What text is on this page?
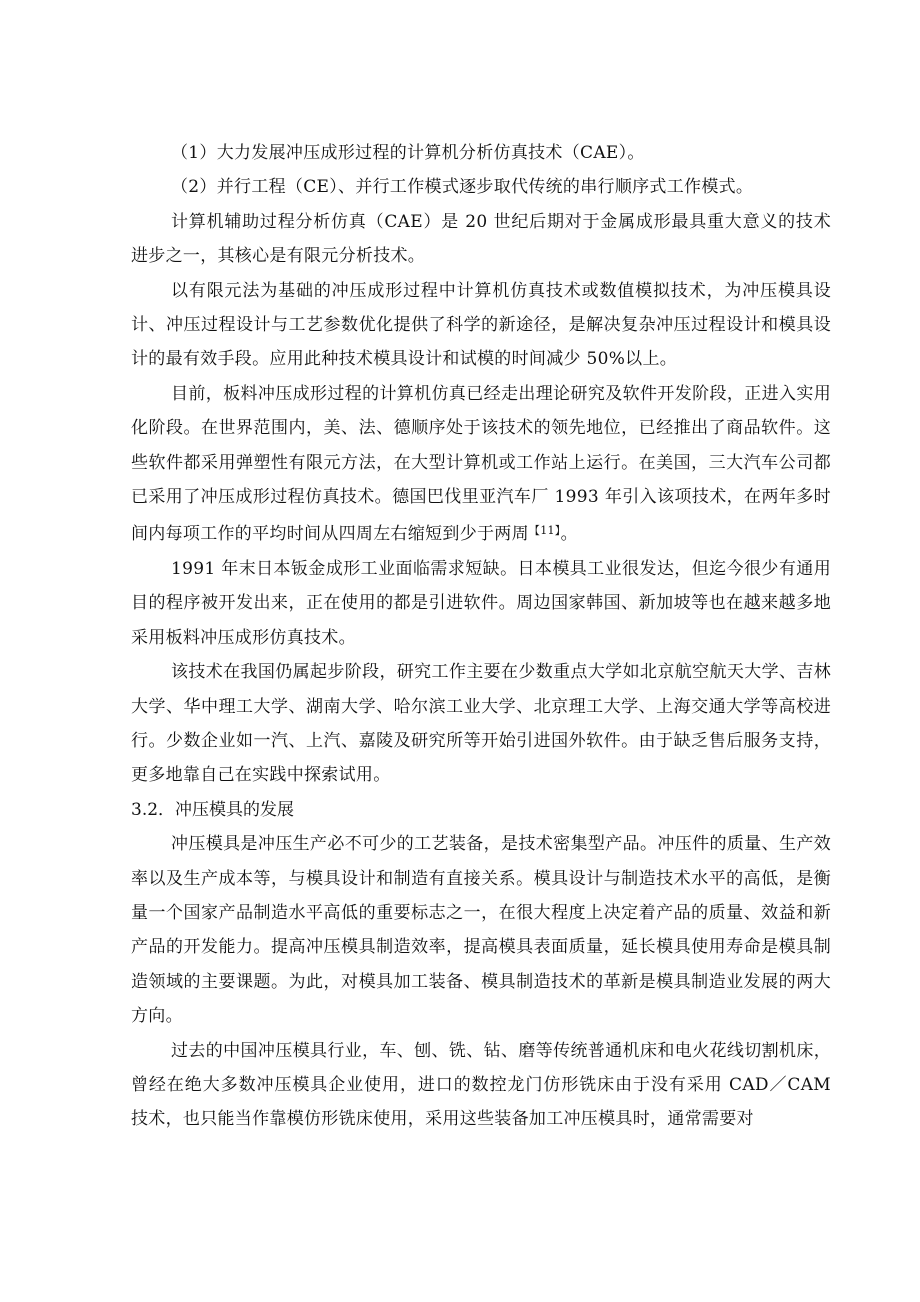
（1）大力发展冲压成形过程的计算机分析仿真技术（CAE）。

（2）并行工程（CE）、并行工作模式逐步取代传统的串行顺序式工作模式。

计算机辅助过程分析仿真（CAE）是 20 世纪后期对于金属成形最具重大意义的技术进步之一，其核心是有限元分析技术。

以有限元法为基础的冲压成形过程中计算机仿真技术或数值模拟技术，为冲压模具设计、冲压过程设计与工艺参数优化提供了科学的新途径，是解决复杂冲压过程设计和模具设计的最有效手段。应用此种技术模具设计和试模的时间减少 50%以上。

目前，板料冲压成形过程的计算机仿真已经走出理论研究及软件开发阶段，正进入实用化阶段。在世界范围内，美、法、德顺序处于该技术的领先地位，已经推出了商品软件。这些软件都采用弹塑性有限元方法，在大型计算机或工作站上运行。在美国，三大汽车公司都已采用了冲压成形过程仿真技术。德国巴伐里亚汽车厂 1993 年引入该项技术，在两年多时间内每项工作的平均时间从四周左右缩短到少于两周$^{【11】}$。

1991 年末日本钣金成形工业面临需求短缺。日本模具工业很发达，但迄今很少有通用目的程序被开发出来，正在使用的都是引进软件。周边国家韩国、新加坡等也在越来越多地采用板料冲压成形仿真技术。

该技术在我国仍属起步阶段，研究工作主要在少数重点大学如北京航空航天大学、吉林大学、华中理工大学、湖南大学、哈尔滨工业大学、北京理工大学、上海交通大学等高校进行。少数企业如一汽、上汽、嘉陵及研究所等开始引进国外软件。由于缺乏售后服务支持，更多地靠自己在实践中探索试用。

3.2．冲压模具的发展

冲压模具是冲压生产必不可少的工艺装备，是技术密集型产品。冲压件的质量、生产效率以及生产成本等，与模具设计和制造有直接关系。模具设计与制造技术水平的高低，是衡量一个国家产品制造水平高低的重要标志之一，在很大程度上决定着产品的质量、效益和新产品的开发能力。提高冲压模具制造效率，提高模具表面质量，延长模具使用寿命是模具制造领域的主要课题。为此，对模具加工装备、模具制造技术的革新是模具制造业发展的两大方向。

过去的中国冲压模具行业，车、刨、铣、钻、磨等传统普通机床和电火花线切割机床，曾经在绝大多数冲压模具企业使用，进口的数控龙门仿形铣床由于没有采用 CAD／CAM 技术，也只能当作靠模仿形铣床使用，采用这些装备加工冲压模具时，通常需要对
